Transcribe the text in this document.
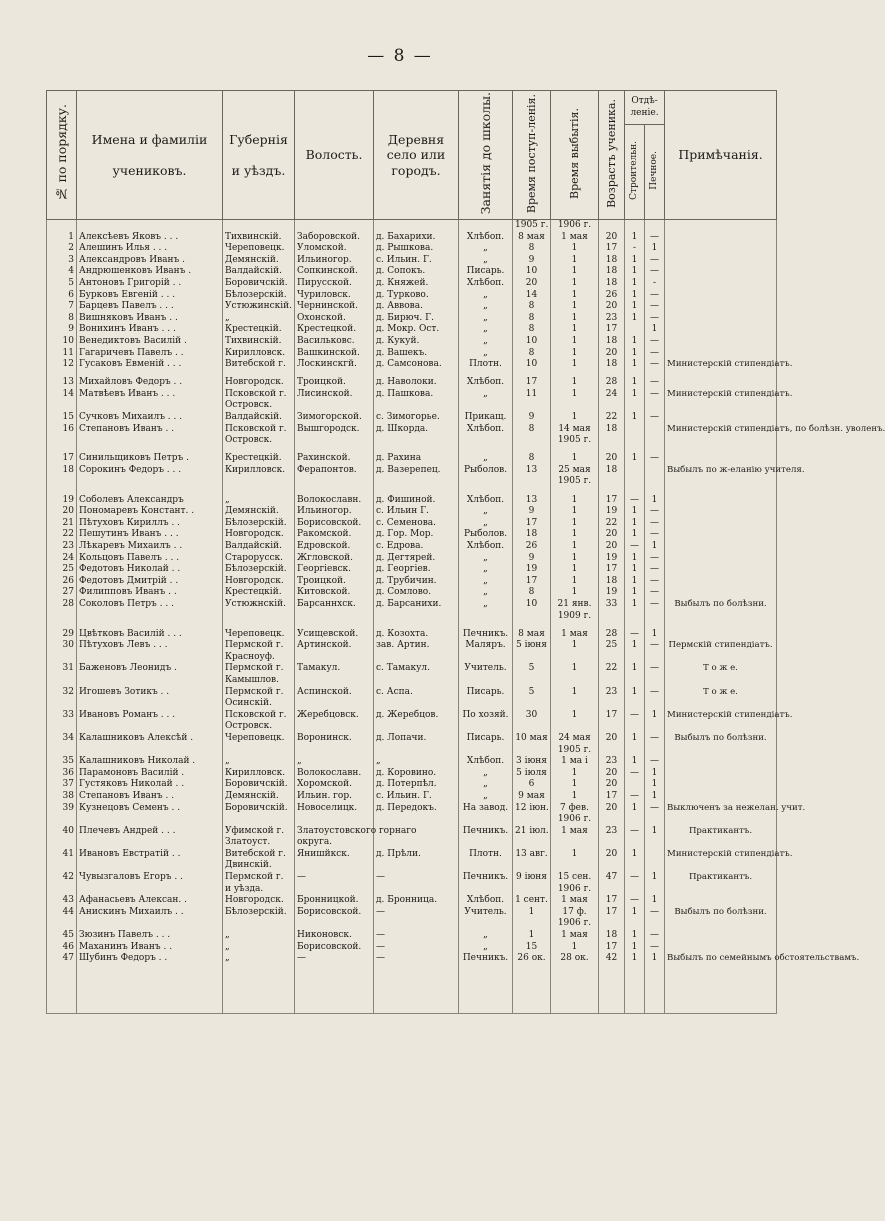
— 8 —
№ по порядку.	Имена и фамилiи

учениковъ.	Губернiя

и уѣздъ.	Волость.	Деревня
село или
городъ.	Занятiя до школы.	Время поступ-ленiя.	Время выбытiя.	Возрастъ ученика.	Отдѣ-ленiе.		Примѣчанiя.
									Строительн.	Печное.	
						1905 г.	1906 г.				
1	Алексѣевъ Яковъ . . .	Тихвинскiй.	Заборовской.	д. Бахарихи.	Хлѣбоп.	8 мая	1 мая	20	1	—	
2	Алешинъ Илья . . .	Череповецк.	Уломской.	д. Рышкова.	„	8	1	17	-	1	
3	Александровъ Иванъ .	Демянскiй.	Ильиногор.	с. Ильин. Г.	„	9	1	18	1	—	
4	Андрюшенковъ Иванъ .	Валдайскiй.	Сопкинской.	д. Сопокъ.	Писарь.	10	1	18	1	—	
5	Антоновъ Григорiй . .	Боровичскiй.	Пирусской.	д. Княжей.	Хлѣбоп.	20	1	18	1	-	
6	Бурковъ Евгенiй . . .	Бѣлозерскiй.	Чуриловск.	д. Турково.	„	14	1	26	1	—	
7	Барцевъ Павелъ . . .	Устюжинскiй.	Чернинской.	д. Аввова.	„	8	1	20	1	—	
8	Вишняковъ Иванъ . .	„	Охонской.	д. Бирюч. Г.	„	8	1	23	1	—	
9	Вонихинъ Иванъ . . .	Крестецкiй.	Крестецкой.	д. Мокр. Ост.	„	8	1	17		1	
10	Венедиктовъ Василiй .	Тихвинскiй.	Васильковс.	д. Кукуй.	„	10	1	18	1	—	
11	Гагаричевъ Павелъ . .	Кирилловск.	Вашкинской.	д. Вашекъ.	„	8	1	20	1	—	
12	Гусаковъ Евменiй . . .	Витебской г.	Лоскинскгй.	д. Самсонова.	Плотн.	10	1	18	1	—	Министерскiй стипендiатъ.

13	Михайловъ Федоръ . .	Новгородск.	Троицкой.	д. Наволоки.	Хлѣбоп.	17	1	28	1	—	
14	Матвѣевъ Иванъ . . .	Псковской г.	Лисинской.	д. Пашкова.	„	11	1	24	1	—	Министерскiй стипендiатъ.
		Островск.									
15	Сучковъ Михаилъ . . .	Валдайскiй.	Зимогорской.	с. Зимогорье.	Прикащ.	9	1	22	1	—	
16	Степановъ Иванъ . .	Псковской г.	Вышгородск.	д. Шкорда.	Хлѣбоп.	8	14 мая	18			Министерскiй стипендiатъ, по болѣзн. уволенъ.
		Островск.					1905 г.				

17	Синильщиковъ Петръ .	Крестецкiй.	Рахинской.	д. Рахина	„	8	1	20	1	—	
18	Сорокинъ Федоръ . . .	Кирилловск.	Ферапонтов.	д. Вазерепец.	Рыболов.	13	25 мая	18			Выбылъ по ж-еланiю учителя.
							1905 г.				

19	Соболевъ Александръ	„	Волокославн.	д. Фишиной.	Хлѣбоп.	13	1	17	—	1	
20	Пономаревъ Констант. .	Демянскiй.	Ильиногор.	с. Ильин Г.	„	9	1	19	1	—	
21	Пѣтуховъ Кириллъ . .	Бѣлозерскiй.	Борисовской.	с. Семенова.	„	17	1	22	1	—	
22	Пешутинъ Иванъ . . .	Новгородск.	Ракомской.	д. Гор. Мор.	Рыболов.	18	1	20	1	—	
23	Лѣкаревъ Михаилъ . .	Валдайскiй.	Едровской.	с. Едрова.	Хлѣбоп.	26	1	20	—	1	
24	Кольцовъ Павелъ . . .	Старорусск.	Жгловской.	д. Дегтярей.	„	9	1	19	1	—	
25	Федотовъ Николай . .	Бѣлозерскiй.	Георгiевск.	д. Георгiев.	„	19	1	17	1	—	
26	Федотовъ Дмитрiй . .	Новгородск.	Троицкой.	д. Трубичин.	„	17	1	18	1	—	
27	Филипповъ Иванъ . .	Крестецкiй.	Китовской.	д. Сомлово.	„	8	1	19	1	—	
28	Соколовъ Петръ . . .	Устюжнскiй.	Барсаннхск.	д. Барсанихи.	„	10	21 янв.	33	1	—	Выбылъ по болѣзни.
							1909 г.				

29	Цвѣтковъ Василiй . . .	Череповецк.	Усищевской.	д. Козохта.	Печникъ.	8 мая	1 мая	28	—	1	
30	Пѣтуховъ Левъ . . .	Пермской г.	Артинской.	зав. Артин.	Маляръ.	5 iюня	1	25	1	—	Пермскiй стипендiатъ.
		Красноуф.									
31	Баженовъ Леонидъ .	Пермской г.	Тамакул.	с. Тамакул.	Учитель.	5	1	22	1	—	Т о ж е.
		Камышлов.									
32	Игошевъ Зотикъ . .	Пермской г.	Аспинской.	с. Аспа.	Писарь.	5	1	23	1	—	Т о ж е.
		Осинскiй.									
33	Ивановъ Романъ . . .	Псковской г.	Жеребцовск.	д. Жеребцов.	По хозяй.	30	1	17	—	1	Министерскiй стипендiатъ.
		Островск.									
34	Калашниковъ Алексѣй .	Череповецк.	Воронинск.	д. Лопачи.	Писарь.	10 мая	24 мая	20	1	—	Выбылъ по болѣзни.
							1905 г.				
35	Калашниковъ Николай .	„	„	„	Хлѣбоп.	3 iюня	1 ма і	23	1	—	
36	Парамоновъ Василiй .	Кирилловск.	Волокославн.	д. Коровино.	„	5 iюля	1	20	—	1	
37	Густяковъ Николай . .	Боровичскiй.	Хоромской.	д. Потерпѣл.	„	6	1	20		1	
38	Степановъ Иванъ . .	Демянскiй.	Ильин. гор.	с. Ильин. Г.	„	9 мая	1	17	—	1	
39	Кузнецовъ Семенъ . .	Боровичскiй.	Новоселицк.	д. Передокъ.	На завод.	12 iюн.	7 фев.	20	1	—	Выключенъ за нежелан. учит.
							1906 г.				
40	Плечевъ Андрей . . .	Уфимской г.	Златоустовского горнаго		Печникъ.	21 iюл.	1 мая	23	—	1	Практикантъ.
		Златоуст.	округа.								
41	Ивановъ Евстратiй . .	Витебской г.	Янишйкск.	д. Прѣли.	Плотн.	13 авг.	1	20	1		Министерскiй стипендiатъ.
		Двинскiй.									
42	Чувызгаловъ Егоръ . .	Пермской г.	—	—	Печникъ.	9 iюня	15 сен.	47	—	1	Практикантъ.
		и уѣзда.					1906 г.				
43	Афанасьевъ Алексан. .	Новгородск.	Бронницкой.	д. Бронница.	Хлѣбоп.	1 сент.	1 мая	17	—	1	
44	Анискинъ Михаилъ . .	Бѣлозерскiй.	Борисовской.	—	Учитель.	1	17 ф.	17	1	—	Выбылъ по болѣзни.
							1906 г.				
45	Зюзинъ Павелъ . . .	„	Никоновск.	—	„	1	1 мая	18	1	—	
46	Маханинъ Иванъ . .	„	Борисовской.	—	„	15	1	17	1	—	
47	Шубинъ Федоръ . .	„	—	—	Печникъ.	26 ок.	28 ок.	42	1	1	Выбылъ по семейнымъ обстоятельствамъ.
